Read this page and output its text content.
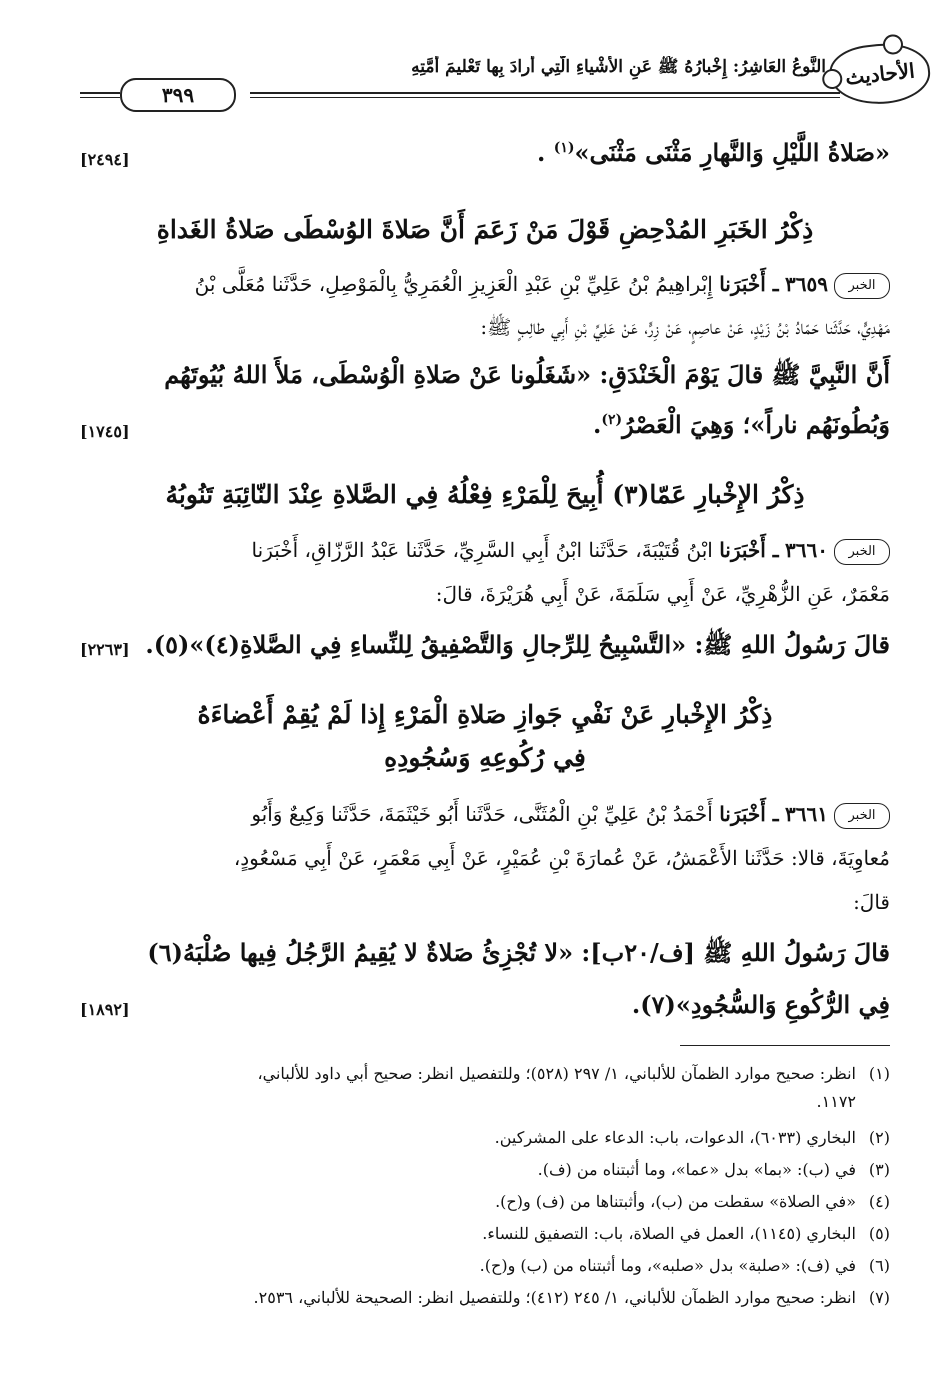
الأحاديث
النَّوعُ العَاشِرُ: إِخْبارُهُ ﷺ عَنِ الأَشْياءِ الَّتِي أَرادَ بِها تَعْليمَ أُمَّتِهِ
٣٩٩
«صَلاةُ اللَّيْلِ وَالنَّهارِ مَثْنَى مَثْنَى»$^{(١)}$ .
[٢٤٩٤]
ذِكْرُ الخَبَرِ المُدْحِضِ قَوْلَ مَنْ زَعَمَ أَنَّ صَلاةَ الوُسْطَى صَلاةُ الغَداةِ
الخبر٣٦٥٩ ـ أَخْبَرَنا إِبْراهِيمُ بْنُ عَلِيِّ بْنِ عَبْدِ الْعَزِيزِ الْعُمَرِيُّ بِالْمَوْصِلِ، حَدَّثَنا مُعَلَّى بْنُ
مَهْدِيٍّ، حَدَّثَنا حَمّادُ بْنُ زَيْدٍ، عَنْ عاصِمٍ، عَنْ زِرٍّ، عَنْ عَلِيِّ بْنِ أَبِي طالِبٍ ﷺ:
أَنَّ النَّبِيَّ ﷺ قالَ يَوْمَ الْخَنْدَقِ: «شَغَلُونا عَنْ صَلاةِ الْوُسْطَى، مَلأَ اللهُ بُيُوتَهُم
وَبُطُونَهُم ناراً»؛ وَهِيَ الْعَصْرُ$^{(٢)}$.
[١٧٤٥]
ذِكْرُ الإِخْبارِ عَمّا(٣) أُبِيحَ لِلْمَرْءِ فِعْلُهُ فِي الصَّلاةِ عِنْدَ النّائِبَةِ تَنُوبُهُ
الخبر٣٦٦٠ ـ أَخْبَرَنا ابْنُ قُتَيْبَةَ، حَدَّثَنا ابْنُ أَبِي السَّرِيِّ، حَدَّثَنا عَبْدُ الرَّزّاقِ، أَخْبَرَنا
مَعْمَرٌ، عَنِ الزُّهْرِيِّ، عَنْ أَبِي سَلَمَةَ، عَنْ أَبِي هُرَيْرَةَ، قالَ:
قالَ رَسُولُ اللهِ ﷺ: «التَّسْبِيحُ لِلرِّجالِ وَالتَّصْفِيقُ لِلنِّساءِ فِي الصَّلاةِ(٤)»(٥).
[٢٢٦٣]
ذِكْرُ الإِخْبارِ عَنْ نَفْيِ جَوازِ صَلاةِ الْمَرْءِ إِذا لَمْ يُقِمْ أَعْضاءَهُ
فِي رُكُوعِهِ وَسُجُودِهِ
الخبر٣٦٦١ ـ أَخْبَرَنا أَحْمَدُ بْنُ عَلِيِّ بْنِ الْمُثَنَّى، حَدَّثَنا أَبُو خَيْثَمَةَ، حَدَّثَنا وَكِيعٌ وَأَبُو
مُعاوِيَةَ، قالا: حَدَّثَنا الأَعْمَشُ، عَنْ عُمارَةَ بْنِ عُمَيْرٍ، عَنْ أَبِي مَعْمَرٍ، عَنْ أَبِي مَسْعُودٍ،
قالَ:
قالَ رَسُولُ اللهِ ﷺ [ف/٢٠ب]: «لا تُجْزِئُ صَلاةٌ لا يُقِيمُ الرَّجُلُ فِيها صُلْبَهُ(٦)
فِي الرُّكُوعِ وَالسُّجُودِ»(٧).
[١٨٩٢]
(١)انظر: صحيح موارد الظمآن للألباني، ١/ ٢٩٧ (٥٢٨)؛ وللتفصيل انظر: صحيح أبي داود للألباني،
١١٧٢.
(٢)البخاري (٦٠٣٣)، الدعوات، باب: الدعاء على المشركين.
(٣)في (ب): «بما» بدل «عما»، وما أثبتناه من (ف).
(٤)«في الصلاة» سقطت من (ب)، وأثبتناها من (ف) و(ح).
(٥)البخاري (١١٤٥)، العمل في الصلاة، باب: التصفيق للنساء.
(٦)في (ف): «صلبة» بدل «صلبه»، وما أثبتناه من (ب) و(ح).
(٧)انظر: صحيح موارد الظمآن للألباني، ١/ ٢٤٥ (٤١٢)؛ وللتفصيل انظر: الصحيحة للألباني، ٢٥٣٦.
